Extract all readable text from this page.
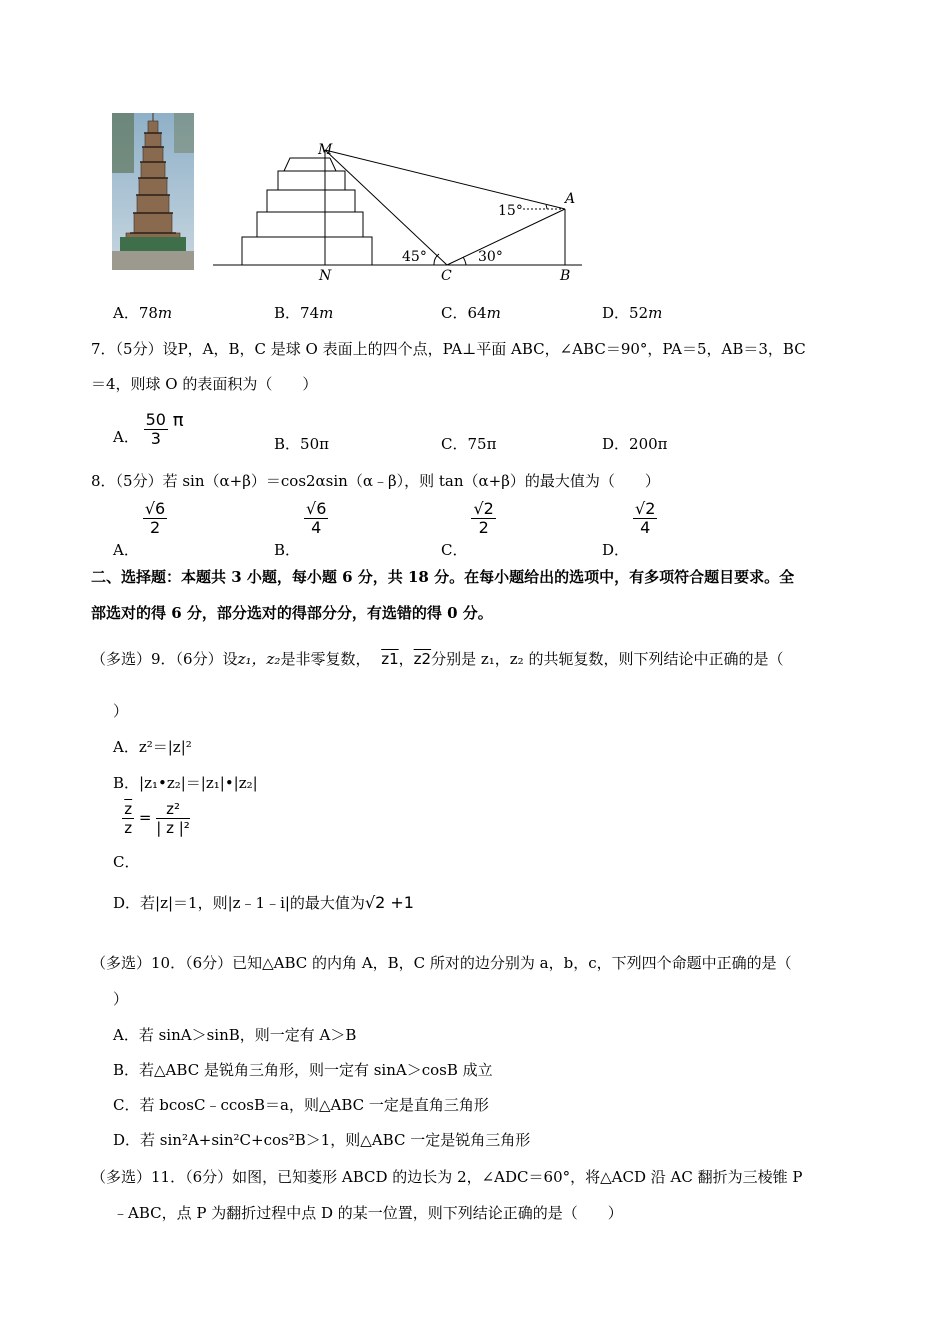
M
A
N	C	B
15°
45°	30°
A．78m	B．74m	C．64m	D．52m
7．（5分）设P，A，B，C 是球 O 表面上的四个点，PA⊥平面 ABC，∠ABC＝90°，PA＝5，AB＝3，BC
＝4，则球 O 的表面积为（　　）
A． $\frac{50}{3}$ π
B．50π	C．75π	D．200π
8．（5分）若 sin（α+β）＝cos2αsin（α﹣β），则 tan（α+β）的最大值为（　　）
A．
$\frac{√6}{2}$
B．
$\frac{√6}{4}$
C．
$\frac{√2}{2}$
D．
$\frac{√2}{4}$
二、选择题：本题共 3 小题，每小题 6 分，共 18 分。在每小题给出的选项中，有多项符合题目要求。全
部选对的得 6 分，部分选对的得部分分，有选错的得 0 分。
（多选）9．（6分）设z₁，z₂是非零复数， z1，z2分别是 z₁，z₂ 的共轭复数，则下列结论中正确的是（
）
A．z²＝|z|²
B．|z₁•z₂|＝|z₁|•|z₂|
C．
$\frac{\overline{z}}{z} = \frac{\text{z²}}{\text{| z |²}}$
D．若|z|＝1，则|z﹣1﹣i|的最大值为√2 +1
（多选）10．（6分）已知△ABC 的内角 A，B，C 所对的边分别为 a，b，c，下列四个命题中正确的是（
）
A．若 sinA＞sinB，则一定有 A＞B
B．若△ABC 是锐角三角形，则一定有 sinA＞cosB 成立
C．若 bcosC﹣ccosB＝a，则△ABC 一定是直角三角形
D．若 sin²A+sin²C+cos²B＞1，则△ABC 一定是锐角三角形
（多选）11．（6分）如图，已知菱形 ABCD 的边长为 2，∠ADC＝60°，将△ACD 沿 AC 翻折为三棱锥 P
﹣ABC，点 P 为翻折过程中点 D 的某一位置，则下列结论正确的是（　　）
